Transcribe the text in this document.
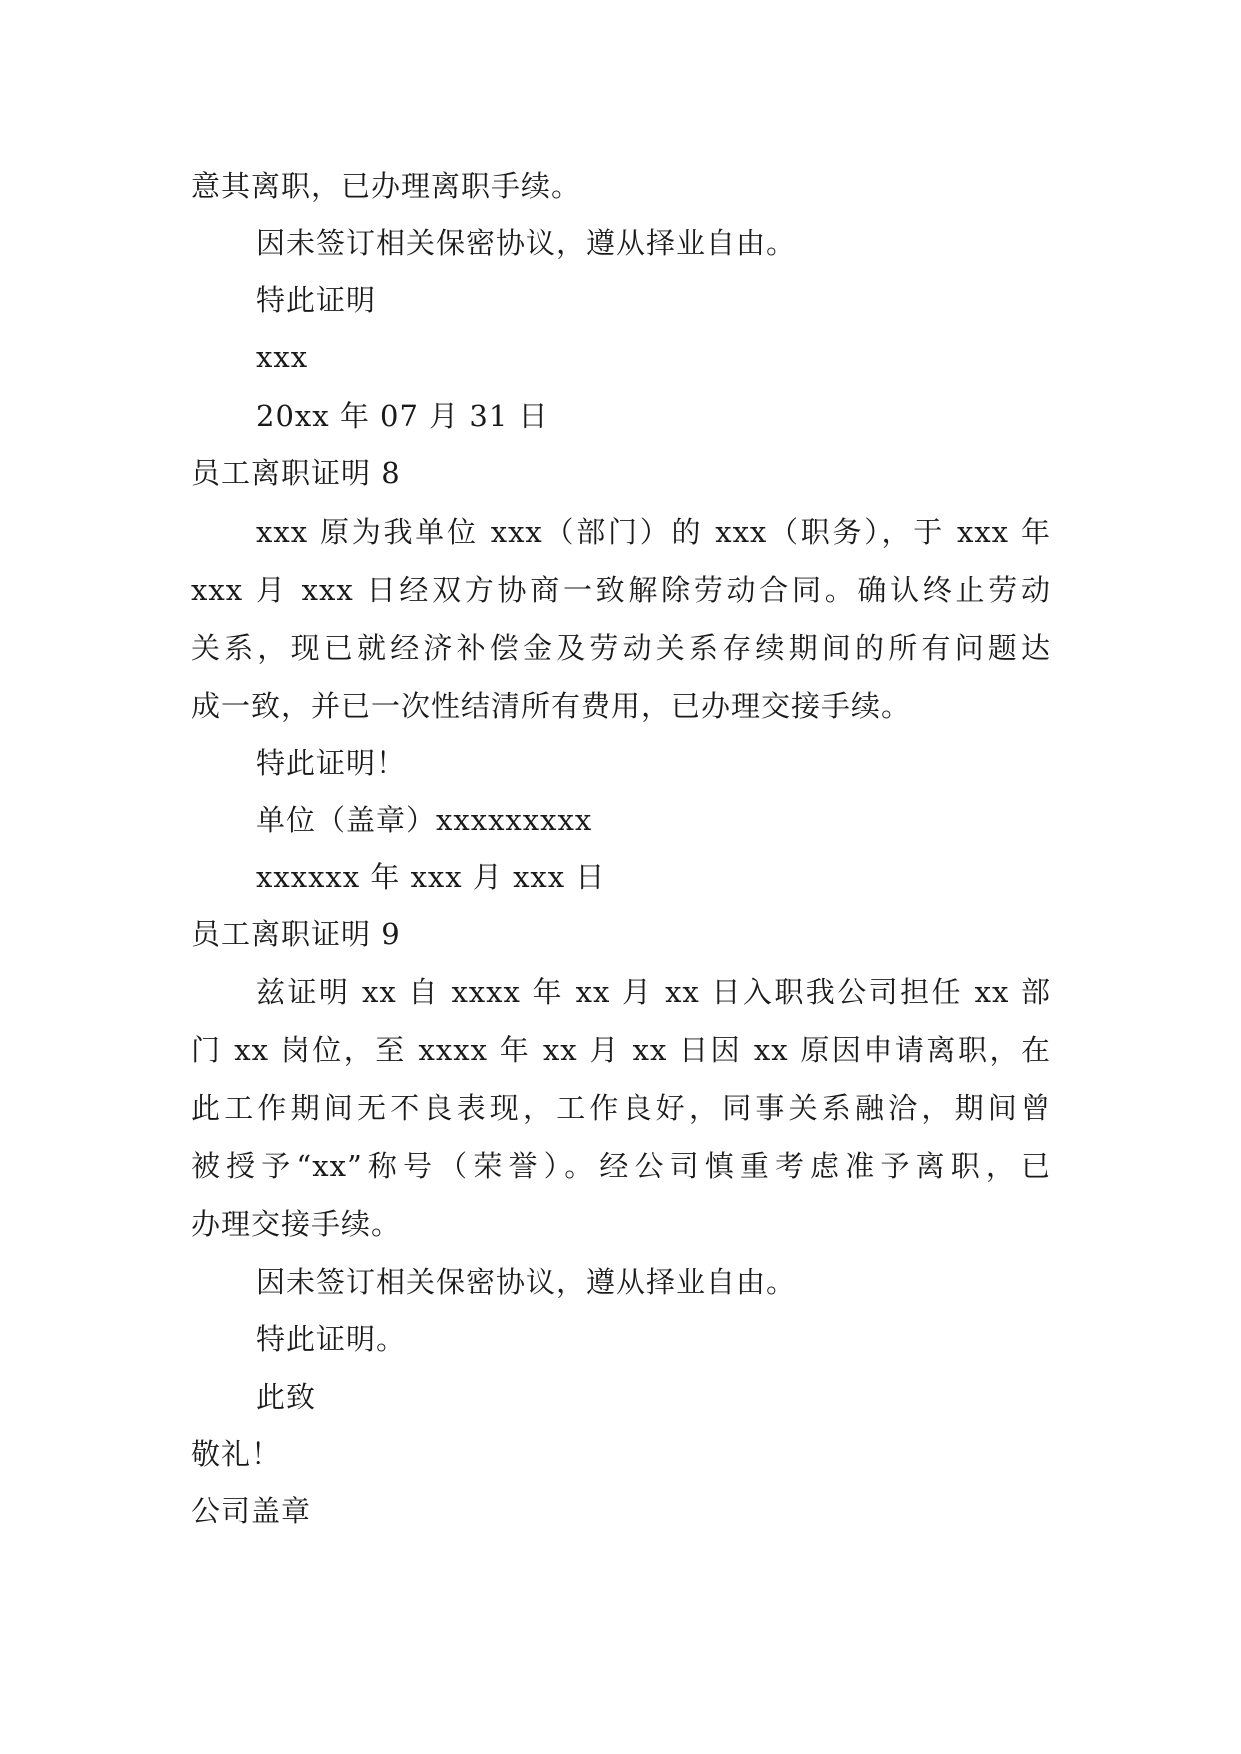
意其离职，已办理离职手续。
因未签订相关保密协议，遵从择业自由。
特此证明
xxx
20xx 年 07 月 31 日
员工离职证明 8
xxx 原为我单位 xxx（部门）的 xxx（职务），于 xxx 年
xxx 月 xxx 日经双方协商一致解除劳动合同。确认终止劳动
关系，现已就经济补偿金及劳动关系存续期间的所有问题达
成一致，并已一次性结清所有费用，已办理交接手续。
特此证明！
单位（盖章）xxxxxxxxx
xxxxxx 年 xxx 月 xxx 日
员工离职证明 9
兹证明 xx 自 xxxx 年 xx 月 xx 日入职我公司担任 xx 部
门 xx 岗位，至 xxxx 年 xx 月 xx 日因 xx 原因申请离职，在
此工作期间无不良表现，工作良好，同事关系融洽，期间曾
被授予“xx”称号（荣誉）。经公司慎重考虑准予离职，已
办理交接手续。
因未签订相关保密协议，遵从择业自由。
特此证明。
此致
敬礼！
公司盖章
